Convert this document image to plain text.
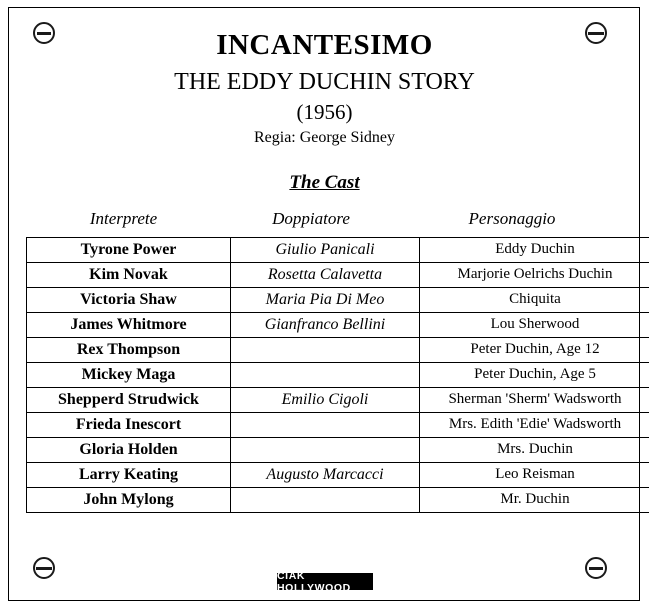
INCANTESIMO
THE EDDY DUCHIN STORY
(1956)
Regia: George Sidney
The Cast
Interprete	Doppiatore	Personaggio
Tyrone Power	Giulio Panicali	Eddy Duchin
Kim Novak	Rosetta Calavetta	Marjorie Oelrichs Duchin
Victoria Shaw	Maria Pia Di Meo	Chiquita
James Whitmore	Gianfranco Bellini	Lou Sherwood
Rex Thompson		Peter Duchin, Age 12
Mickey Maga		Peter Duchin, Age 5
Shepperd Strudwick	Emilio Cigoli	Sherman 'Sherm' Wadsworth
Frieda Inescort		Mrs. Edith 'Edie' Wadsworth
Gloria Holden		Mrs. Duchin
Larry Keating	Augusto Marcacci	Leo Reisman
John Mylong		Mr. Duchin
CIAK HOLLYWOOD
